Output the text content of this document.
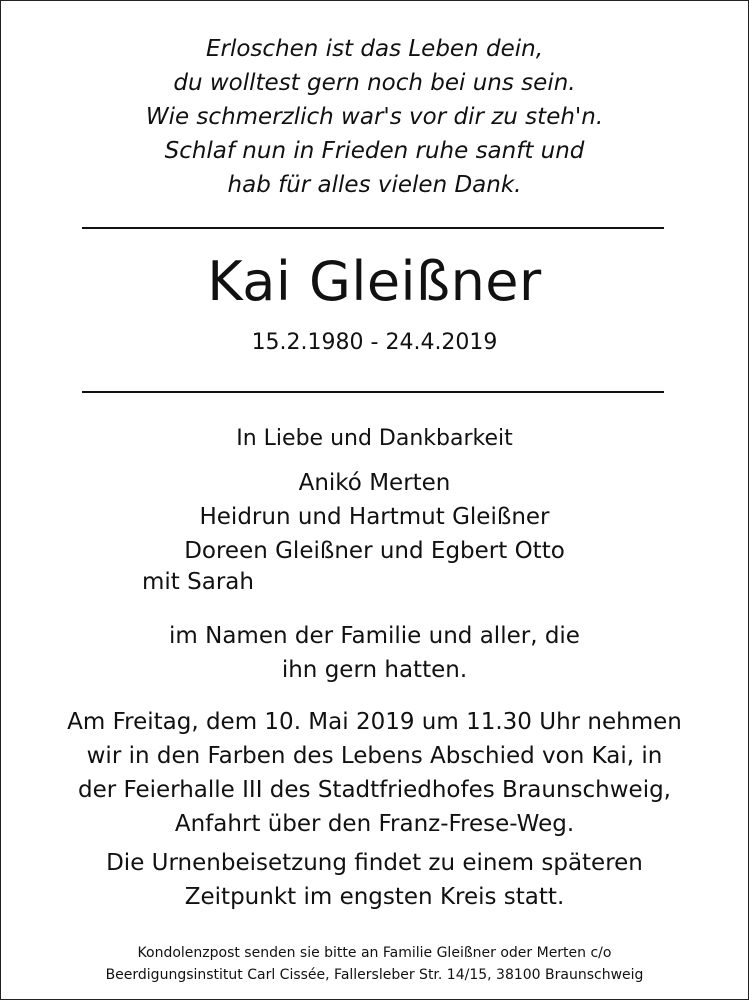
Erloschen ist das Leben dein,
du wolltest gern noch bei uns sein.
Wie schmerzlich war's vor dir zu steh'n.
Schlaf nun in Frieden ruhe sanft und
hab für alles vielen Dank.
Kai Gleißner
15.2.1980 - 24.4.2019
In Liebe und Dankbarkeit
Anikó Merten
Heidrun und Hartmut Gleißner
Doreen Gleißner und Egbert Otto
mit Sarah
im Namen der Familie und aller, die
ihn gern hatten.
Am Freitag, dem 10. Mai 2019 um 11.30 Uhr nehmen
wir in den Farben des Lebens Abschied von Kai, in
der Feierhalle III des Stadtfriedhofes Braunschweig,
Anfahrt über den Franz-Frese-Weg.
Die Urnenbeisetzung findet zu einem späteren
Zeitpunkt im engsten Kreis statt.
Kondolenzpost senden sie bitte an Familie Gleißner oder Merten c/o
Beerdigungsinstitut Carl Cissée, Fallersleber Str. 14/15, 38100 Braunschweig
